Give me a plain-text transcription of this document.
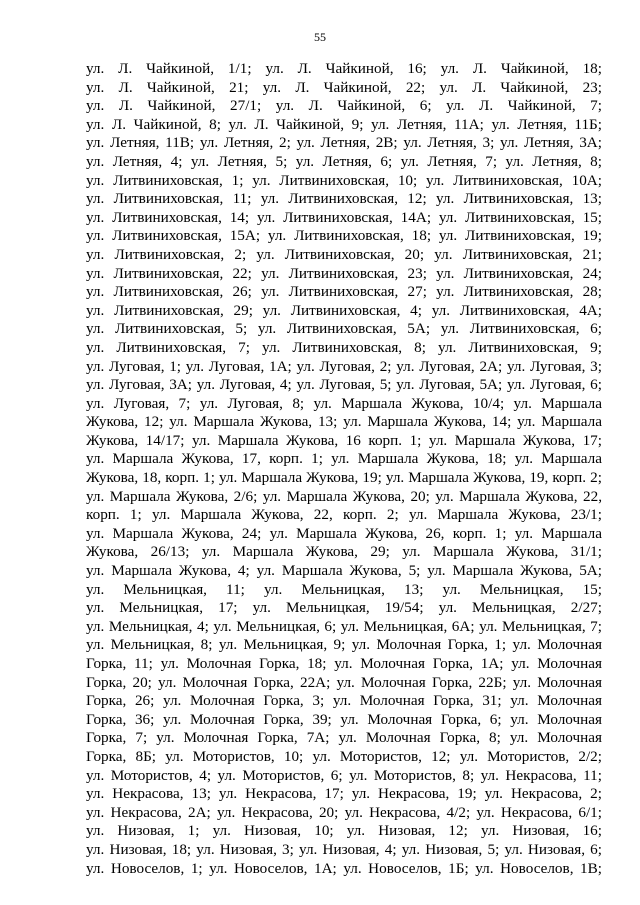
55
ул. Л. Чайкиной, 1/1; ул. Л. Чайкиной, 16; ул. Л. Чайкиной, 18;
ул. Л. Чайкиной, 21; ул. Л. Чайкиной, 22; ул. Л. Чайкиной, 23;
ул. Л. Чайкиной, 27/1; ул. Л. Чайкиной, 6; ул. Л. Чайкиной, 7;
ул. Л. Чайкиной, 8; ул. Л. Чайкиной, 9; ул. Летняя, 11А; ул. Летняя, 11Б;
ул. Летняя, 11В; ул. Летняя, 2; ул. Летняя, 2В; ул. Летняя, 3; ул. Летняя, 3А;
ул. Летняя, 4; ул. Летняя, 5; ул. Летняя, 6; ул. Летняя, 7; ул. Летняя, 8;
ул. Литвиниховская, 1; ул. Литвиниховская, 10; ул. Литвиниховская, 10А;
ул. Литвиниховская, 11; ул. Литвиниховская, 12; ул. Литвиниховская, 13;
ул. Литвиниховская, 14; ул. Литвиниховская, 14А; ул. Литвиниховская, 15;
ул. Литвиниховская, 15А; ул. Литвиниховская, 18; ул. Литвиниховская, 19;
ул. Литвиниховская, 2; ул. Литвиниховская, 20; ул. Литвиниховская, 21;
ул. Литвиниховская, 22; ул. Литвиниховская, 23; ул. Литвиниховская, 24;
ул. Литвиниховская, 26; ул. Литвиниховская, 27; ул. Литвиниховская, 28;
ул. Литвиниховская, 29; ул. Литвиниховская, 4; ул. Литвиниховская, 4А;
ул. Литвиниховская, 5; ул. Литвиниховская, 5А; ул. Литвиниховская, 6;
ул. Литвиниховская, 7; ул. Литвиниховская, 8; ул. Литвиниховская, 9;
ул. Луговая, 1; ул. Луговая, 1А; ул. Луговая, 2; ул. Луговая, 2А; ул. Луговая, 3;
ул. Луговая, 3А; ул. Луговая, 4; ул. Луговая, 5; ул. Луговая, 5А; ул. Луговая, 6;
ул. Луговая, 7; ул. Луговая, 8; ул. Маршала Жукова, 10/4; ул. Маршала
Жукова, 12; ул. Маршала Жукова, 13; ул. Маршала Жукова, 14; ул. Маршала
Жукова, 14/17; ул. Маршала Жукова, 16 корп. 1; ул. Маршала Жукова, 17;
ул. Маршала Жукова, 17, корп. 1; ул. Маршала Жукова, 18; ул. Маршала
Жукова, 18, корп. 1; ул. Маршала Жукова, 19; ул. Маршала Жукова, 19, корп. 2;
ул. Маршала Жукова, 2/6; ул. Маршала Жукова, 20; ул. Маршала Жукова, 22,
корп. 1; ул. Маршала Жукова, 22, корп. 2; ул. Маршала Жукова, 23/1;
ул. Маршала Жукова, 24; ул. Маршала Жукова, 26, корп. 1; ул. Маршала
Жукова, 26/13; ул. Маршала Жукова, 29; ул. Маршала Жукова, 31/1;
ул. Маршала Жукова, 4; ул. Маршала Жукова, 5; ул. Маршала Жукова, 5А;
ул. Мельницкая, 11; ул. Мельницкая, 13; ул. Мельницкая, 15;
ул. Мельницкая, 17; ул. Мельницкая, 19/54; ул. Мельницкая, 2/27;
ул. Мельницкая, 4; ул. Мельницкая, 6; ул. Мельницкая, 6А; ул. Мельницкая, 7;
ул. Мельницкая, 8; ул. Мельницкая, 9; ул. Молочная Горка, 1; ул. Молочная
Горка, 11; ул. Молочная Горка, 18; ул. Молочная Горка, 1А; ул. Молочная
Горка, 20; ул. Молочная Горка, 22А; ул. Молочная Горка, 22Б; ул. Молочная
Горка, 26; ул. Молочная Горка, 3; ул. Молочная Горка, 31; ул. Молочная
Горка, 36; ул. Молочная Горка, 39; ул. Молочная Горка, 6; ул. Молочная
Горка, 7; ул. Молочная Горка, 7А; ул. Молочная Горка, 8; ул. Молочная
Горка, 8Б; ул. Мотористов, 10; ул. Мотористов, 12; ул. Мотористов, 2/2;
ул. Мотористов, 4; ул. Мотористов, 6; ул. Мотористов, 8; ул. Некрасова, 11;
ул. Некрасова, 13; ул. Некрасова, 17; ул. Некрасова, 19; ул. Некрасова, 2;
ул. Некрасова, 2А; ул. Некрасова, 20; ул. Некрасова, 4/2; ул. Некрасова, 6/1;
ул. Низовая, 1; ул. Низовая, 10; ул. Низовая, 12; ул. Низовая, 16;
ул. Низовая, 18; ул. Низовая, 3; ул. Низовая, 4; ул. Низовая, 5; ул. Низовая, 6;
ул. Новоселов, 1; ул. Новоселов, 1А; ул. Новоселов, 1Б; ул. Новоселов, 1В;
